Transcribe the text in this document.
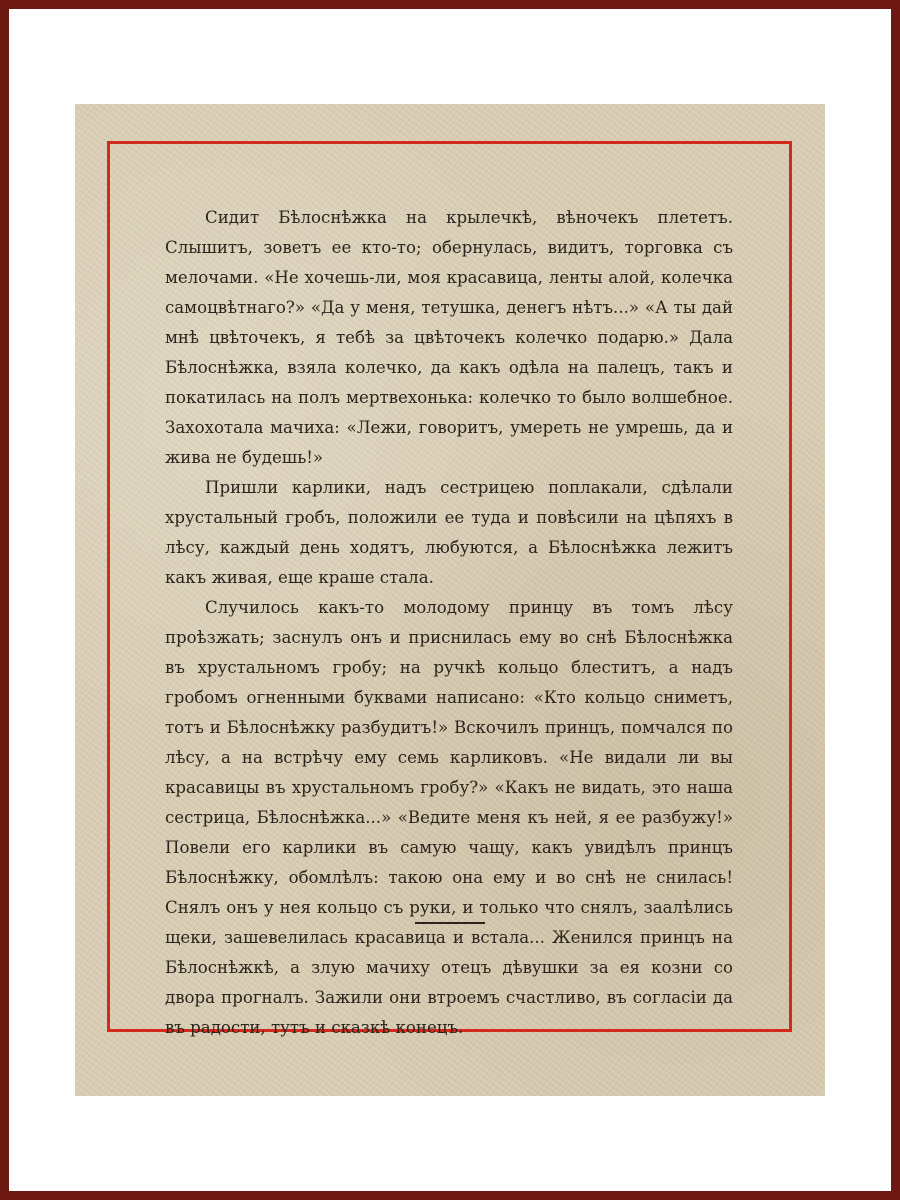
Сидит Бѣлоснѣжка на крылечкѣ, вѣночекъ плететъ. Слышитъ, зоветъ ее кто-то; обернулась, видитъ, торговка съ мелочами. «Не хочешь-ли, моя красавица, ленты алой, колечка самоцвѣтнаго?» «Да у меня, тетушка, денегъ нѣтъ...» «А ты дай мнѣ цвѣточекъ, я тебѣ за цвѣточекъ колечко подарю.» Дала Бѣлоснѣжка, взяла колечко, да какъ одѣла на палецъ, такъ и покатилась на полъ мертвехонька: колечко то было волшебное. Захохотала мачиха: «Лежи, говоритъ, умереть не умрешь, да и жива не будешь!»

Пришли карлики, надъ сестрицею поплакали, сдѣлали хрустальный гробъ, положили ее туда и повѣсили на цѣпяхъ в лѣсу, каждый день ходятъ, любуются, а Бѣлоснѣжка лежитъ какъ живая, еще краше стала.

Случилось какъ-то молодому принцу въ томъ лѣсу проѣзжать; заснулъ онъ и приснилась ему во снѣ Бѣлоснѣжка въ хрустальномъ гробу; на ручкѣ кольцо блеститъ, а надъ гробомъ огненными буквами написано: «Кто кольцо сниметъ, тотъ и Бѣлоснѣжку разбудитъ!» Вскочилъ принцъ, помчался по лѣсу, а на встрѣчу ему семь карликовъ. «Не видали ли вы красавицы въ хрустальномъ гробу?» «Какъ не видать, это наша сестрица, Бѣлоснѣжка...» «Ведите меня къ ней, я ее разбужу!» Повели его карлики въ самую чащу, какъ увидѣлъ принцъ Бѣлоснѣжку, обомлѣлъ: такою она ему и во снѣ не снилась! Снялъ онъ у нея кольцо съ руки, и только что снялъ, заалѣлись щеки, зашевелилась красавица и встала... Женился принцъ на Бѣлоснѣжкѣ, а злую мачиху отецъ дѣвушки за ея козни со двора прогналъ. Зажили они втроемъ счастливо, въ согласіи да въ радости, тутъ и сказкѣ конецъ.
